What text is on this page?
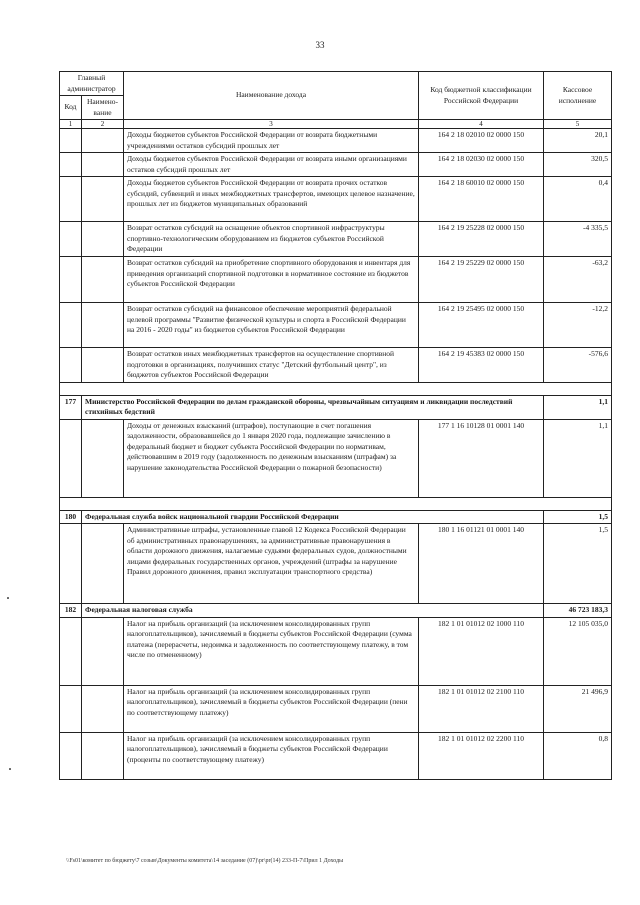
33
Главный администратор		Наименование дохода	Код бюджетной классификации Российской Федерации	Кассовое исполнение
Код	Наимено-вание			
1	2	3	4	5
		Доходы бюджетов субъектов Российской Федерации от возврата бюджетными учреждениями остатков субсидий прошлых лет	164 2 18 02010 02 0000 150	20,1
		Доходы бюджетов субъектов Российской Федерации от возврата иными организациями остатков субсидий прошлых лет	164 2 18 02030 02 0000 150	320,5
		Доходы бюджетов субъектов Российской Федерации от возврата прочих остатков субсидий, субвенций и иных межбюджетных трансфертов, имеющих целевое назначение, прошлых лет из бюджетов муниципальных образований	164 2 18 60010 02 0000 150	0,4
		Возврат остатков субсидий на оснащение объектов спортивной инфраструктуры спортивно-технологическим оборудованием из бюджетов субъектов Российской Федерации	164 2 19 25228 02 0000 150	-4 335,5
		Возврат остатков субсидий на приобретение спортивного оборудования и инвентаря для приведения организаций спортивной подготовки в нормативное состояние из бюджетов субъектов Российской Федерации	164 2 19 25229 02 0000 150	-63,2
		Возврат остатков субсидий на финансовое обеспечение мероприятий федеральной целевой программы "Развитие физической культуры и спорта в Российской Федерации на 2016 - 2020 годы" из бюджетов субъектов Российской Федерации	164 2 19 25495 02 0000 150	-12,2
		Возврат остатков иных межбюджетных трансфертов на осуществление спортивной подготовки в организациях, получивших статус "Детский футбольный центр", из бюджетов субъектов Российской Федерации	164 2 19 45383 02 0000 150	-576,6

177	Министерство Российской Федерации по делам гражданской обороны, чрезвычайным ситуациям и ликвидации последствий стихийных бедствий			1,1
		Доходы от денежных взысканий (штрафов), поступающие в счет погашения задолженности, образовавшейся до 1 января 2020 года, подлежащие зачислению в федеральный бюджет и бюджет субъекта Российской Федерации по нормативам, действовавшим в 2019 году (задолженность по денежным взысканиям (штрафам) за нарушение законодательства Российской Федерации о пожарной безопасности)	177 1 16 10128 01 0001 140	1,1

180	Федеральная служба войск национальной гвардии Российской Федерации			1,5
		Административные штрафы, установленные главой 12 Кодекса Российской Федерации об административных правонарушениях, за административные правонарушения в области дорожного движения, налагаемые судьями федеральных судов, должностными лицами федеральных государственных органов, учреждений (штрафы за нарушение Правил дорожного движения, правил эксплуатации транспортного средства)	180 1 16 01121 01 0001 140	1,5
182	Федеральная налоговая служба			46 723 183,3
		Налог на прибыль организаций (за исключением консолидированных групп налогоплательщиков), зачисляемый в бюджеты субъектов Российской Федерации (сумма платежа (перерасчеты, недоимка и задолженность по соответствующему платежу, в том числе по отмененному)	182 1 01 01012 02 1000 110	12 105 035,0
		Налог на прибыль организаций (за исключением консолидированных групп налогоплательщиков), зачисляемый в бюджеты субъектов Российской Федерации (пени по соответствующему платежу)	182 1 01 01012 02 2100 110	21 496,9
		Налог на прибыль организаций (за исключением консолидированных групп налогоплательщиков), зачисляемый в бюджеты субъектов Российской Федерации (проценты по соответствующему платежу)	182 1 01 01012 02 2200 110	0,8
\\Fs01\комитет по бюджету\7 созыв\Документы комитета\14 заседание (07)\pr\pr(14) 233-П-7\Прил 1 Доходы
